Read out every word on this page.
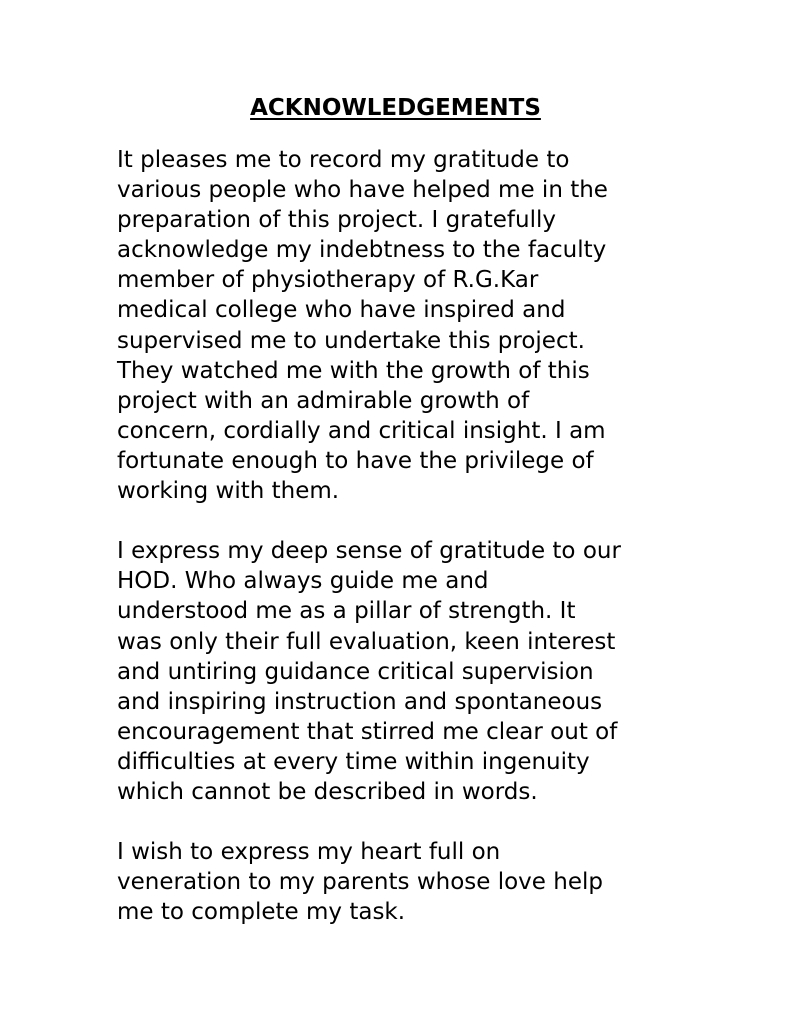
ACKNOWLEDGEMENTS

It pleases me to record my gratitude to
various people who have helped me in the
preparation of this project. I gratefully
acknowledge my indebtness to the faculty
member of physiotherapy of R.G.Kar
medical college who have inspired and
supervised me to undertake this project.
They watched me with the growth of this
project with an admirable growth of
concern, cordially and critical insight. I am
fortunate enough to have the privilege of
working with them.

I express my deep sense of gratitude to our
HOD. Who always guide me and
understood me as a pillar of strength. It
was only their full evaluation, keen interest
and untiring guidance critical supervision
and inspiring instruction and spontaneous
encouragement that stirred me clear out of
difficulties at every time within ingenuity
which cannot be described in words.

I wish to express my heart full on
veneration to my parents whose love help
me to complete my task.
